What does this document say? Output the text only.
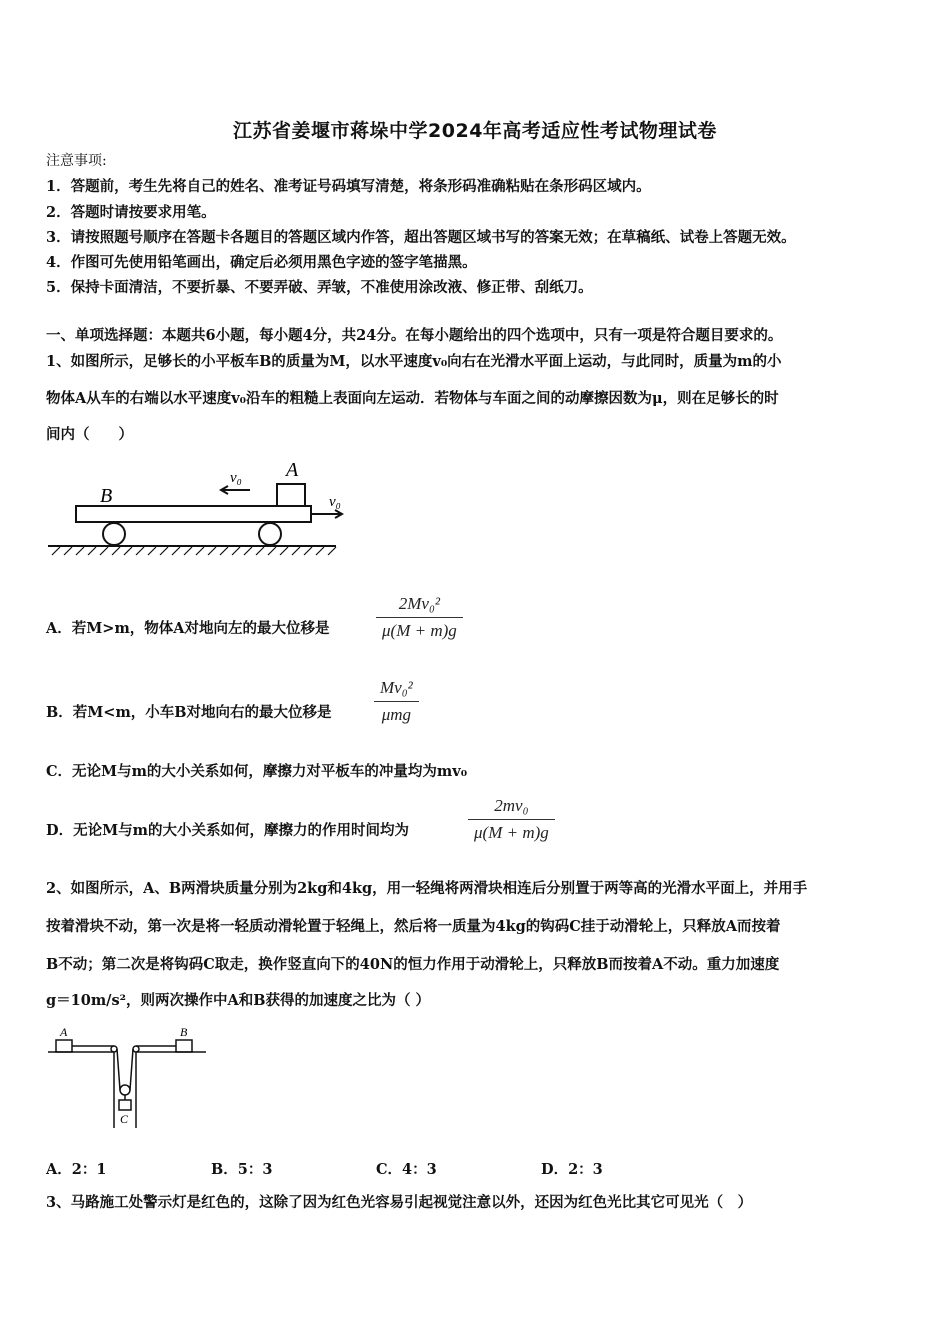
江苏省姜堰市蒋垛中学2024年高考适应性考试物理试卷
注意事项:
1．答题前，考生先将自己的姓名、准考证号码填写清楚，将条形码准确粘贴在条形码区域内。
2．答题时请按要求用笔。
3．请按照题号顺序在答题卡各题目的答题区域内作答，超出答题区域书写的答案无效；在草稿纸、试卷上答题无效。
4．作图可先使用铅笔画出，确定后必须用黑色字迹的签字笔描黑。
5．保持卡面清洁，不要折暴、不要弄破、弄皱，不准使用涂改液、修正带、刮纸刀。
一、单项选择题：本题共6小题，每小题4分，共24分。在每小题给出的四个选项中，只有一项是符合题目要求的。
1、如图所示，足够长的小平板车B的质量为M，以水平速度v₀向右在光滑水平面上运动，与此同时，质量为m的小
物体A从车的右端以水平速度v₀沿车的粗糙上表面向左运动．若物体与车面之间的动摩擦因数为μ，则在足够长的时
间内（　　）
B
A
v₀
v₀
A．若M>m，物体A对地向左的最大位移是
2Mv₀²
μ(M + m)g
B．若M<m，小车B对地向右的最大位移是
Mv₀²
μmg
C．无论M与m的大小关系如何，摩擦力对平板车的冲量均为mv₀
D．无论M与m的大小关系如何，摩擦力的作用时间均为
2mv₀
μ(M + m)g
2、如图所示，A、B两滑块质量分别为2kg和4kg，用一轻绳将两滑块相连后分别置于两等高的光滑水平面上，并用手
按着滑块不动，第一次是将一轻质动滑轮置于轻绳上，然后将一质量为4kg的钩码C挂于动滑轮上，只释放A而按着
B不动；第二次是将钩码C取走，换作竖直向下的40N的恒力作用于动滑轮上，只释放B而按着A不动。重力加速度
g＝10m/s²，则两次操作中A和B获得的加速度之比为（ ）
A	B
C
A．2：1	B．5：3	C．4：3	D．2：3
3、马路施工处警示灯是红色的，这除了因为红色光容易引起视觉注意以外，还因为红色光比其它可见光（　）
